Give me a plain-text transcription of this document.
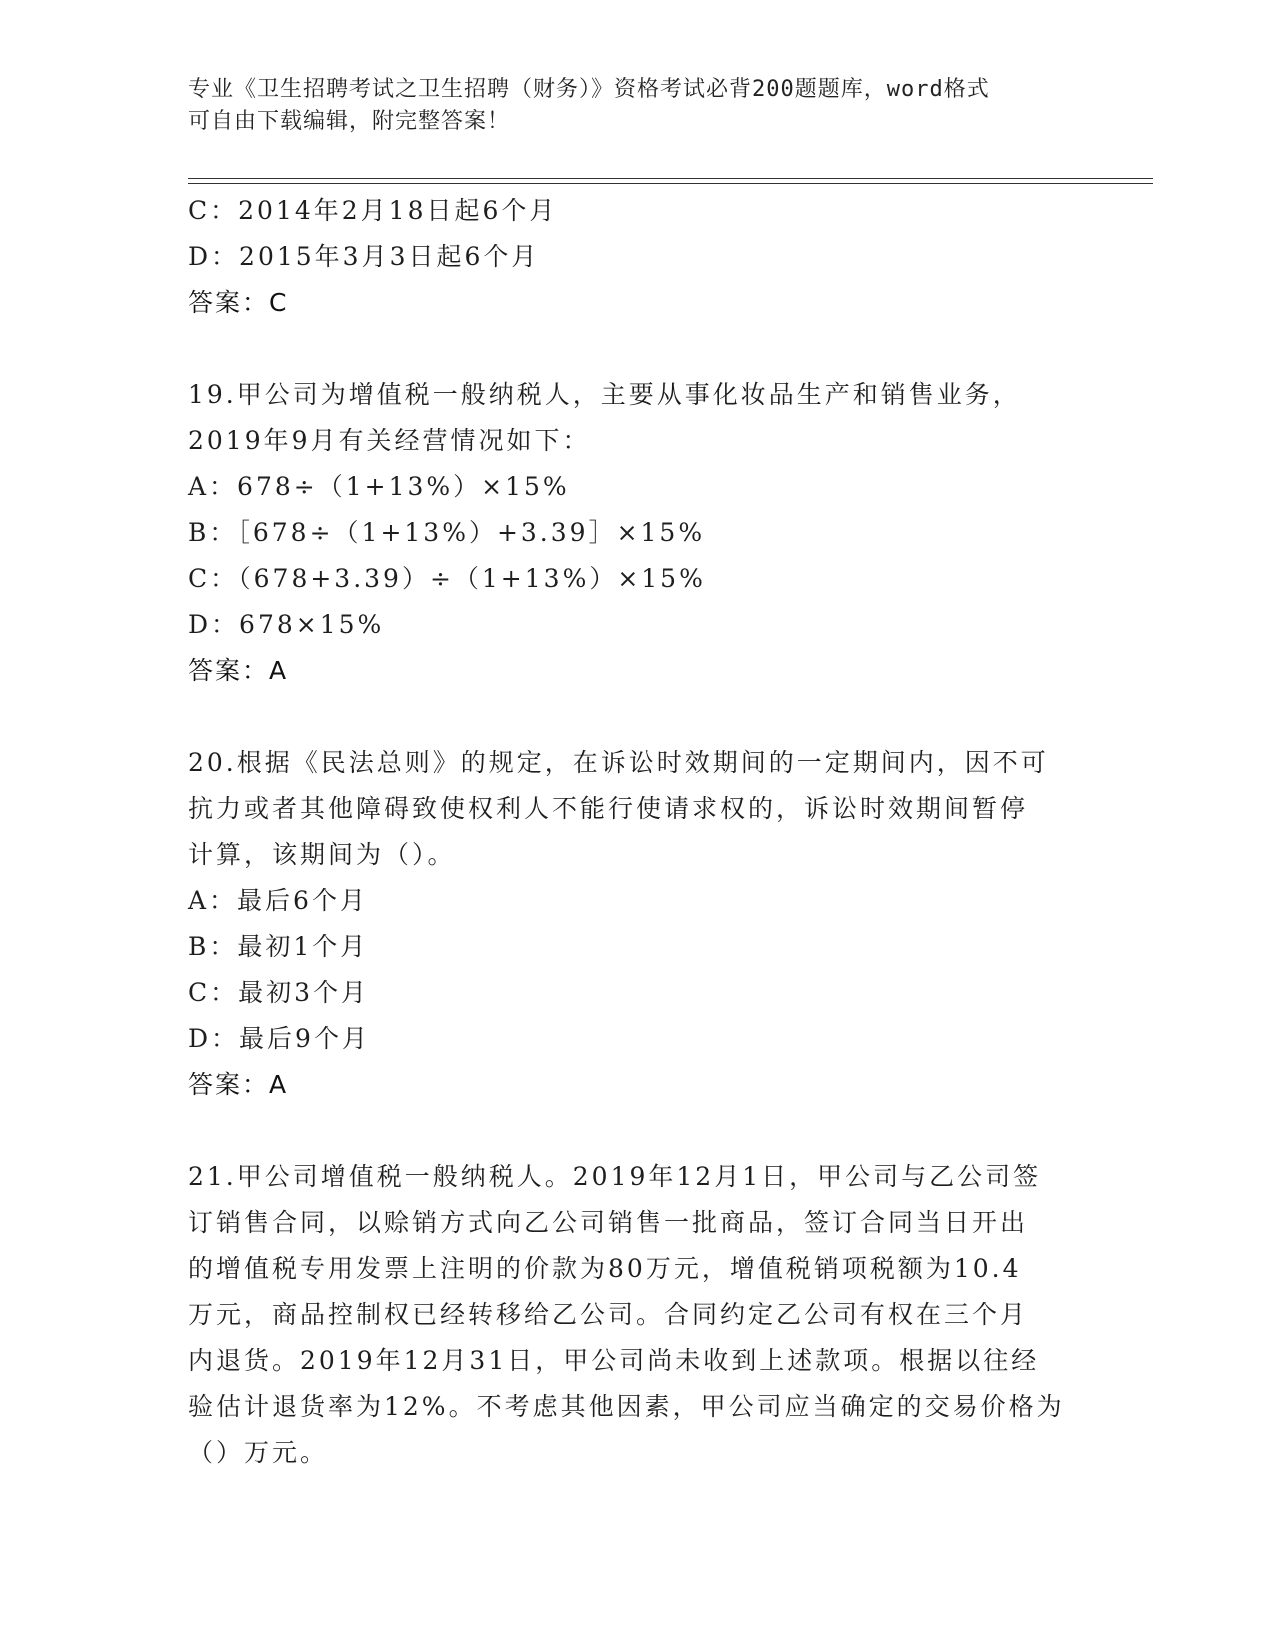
专业《卫生招聘考试之卫生招聘（财务）》资格考试必背200题题库，word格式
可自由下载编辑，附完整答案！
C：2014年2月18日起6个月
D：2015年3月3日起6个月
答案：C
19.甲公司为增值税一般纳税人，主要从事化妆品生产和销售业务，
2019年9月有关经营情况如下：
A：678÷（1+13%）×15%
B：［678÷（1+13%）+3.39］×15%
C：（678+3.39）÷（1+13%）×15%
D：678×15%
答案：A
20.根据《民法总则》的规定，在诉讼时效期间的一定期间内，因不可
抗力或者其他障碍致使权利人不能行使请求权的，诉讼时效期间暂停
计算，该期间为（）。
A：最后6个月
B：最初1个月
C：最初3个月
D：最后9个月
答案：A
21.甲公司增值税一般纳税人。2019年12月1日，甲公司与乙公司签
订销售合同，以赊销方式向乙公司销售一批商品，签订合同当日开出
的增值税专用发票上注明的价款为80万元，增值税销项税额为10.4
万元，商品控制权已经转移给乙公司。合同约定乙公司有权在三个月
内退货。2019年12月31日，甲公司尚未收到上述款项。根据以往经
验估计退货率为12%。不考虑其他因素，甲公司应当确定的交易价格为
（）万元。
